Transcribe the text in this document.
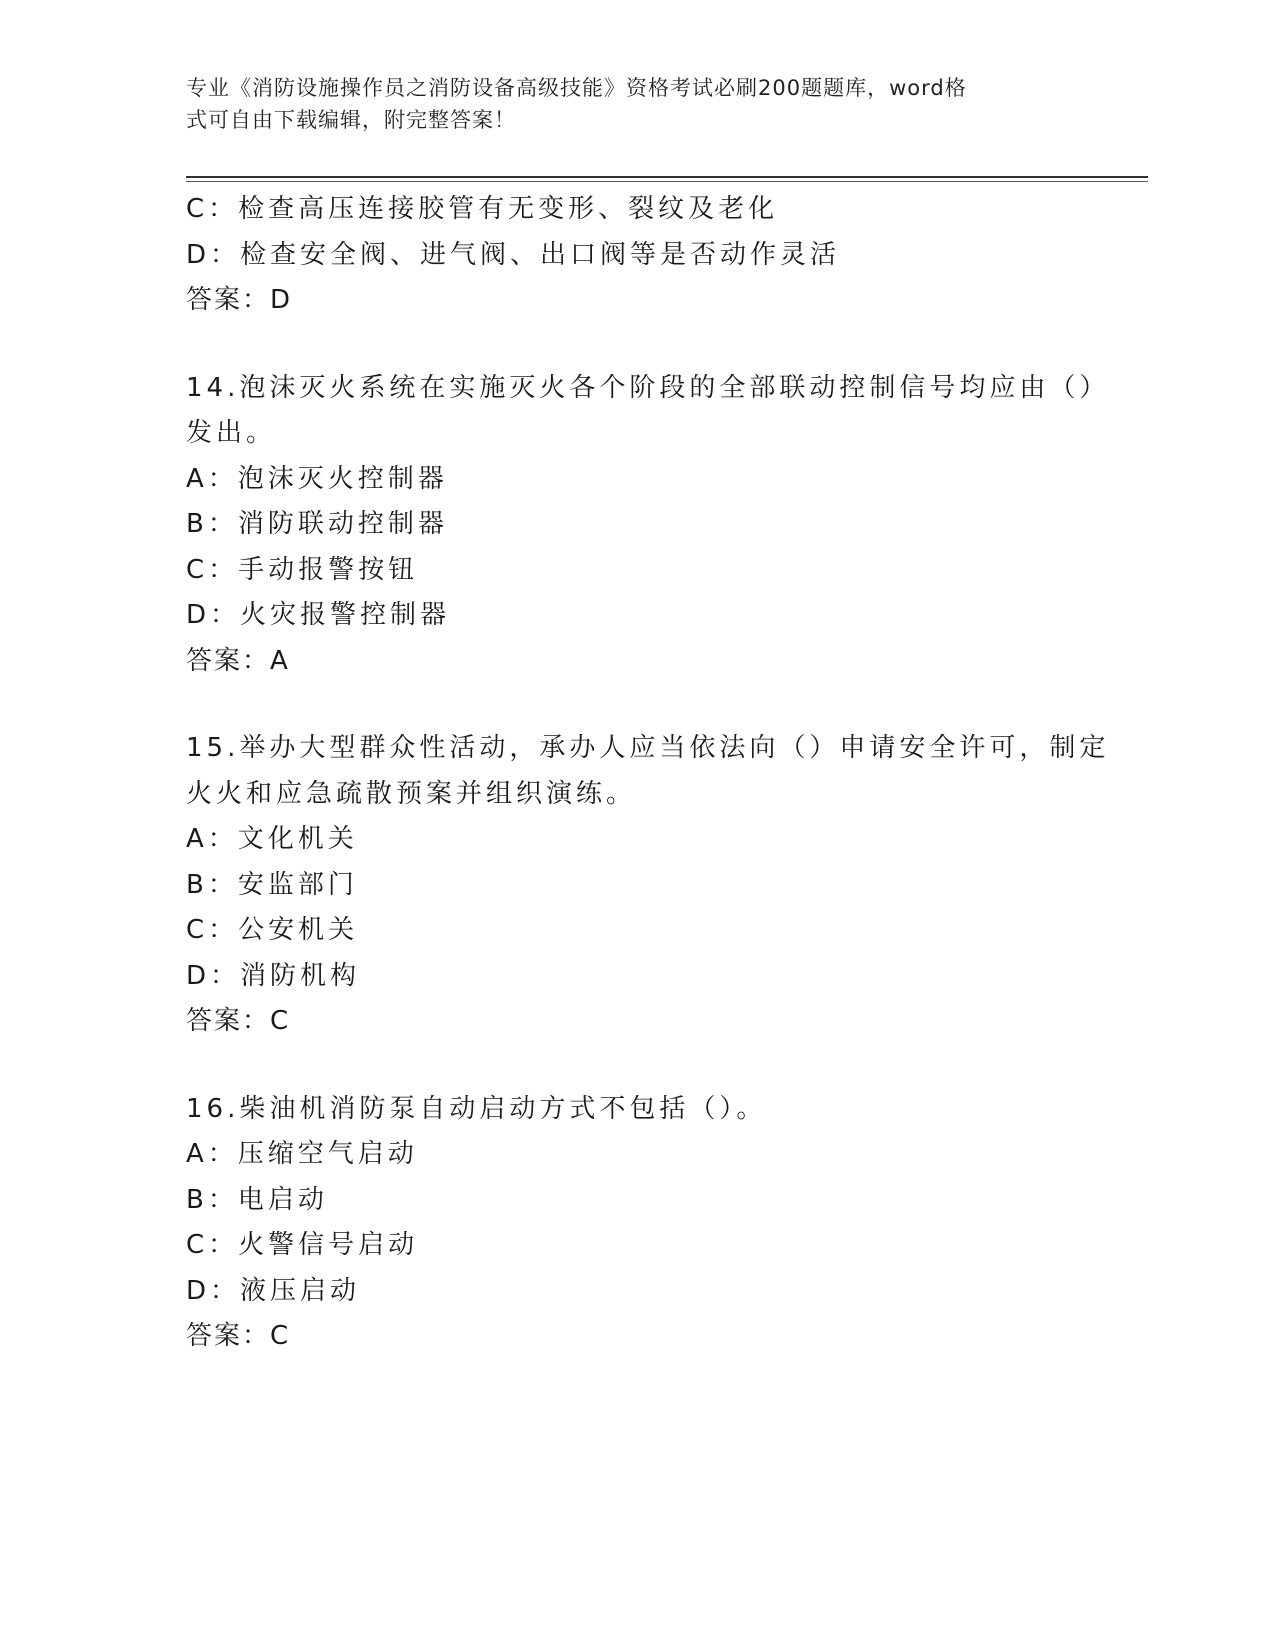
专业《消防设施操作员之消防设备高级技能》资格考试必刷200题题库，word格
式可自由下载编辑，附完整答案！
C：检查高压连接胶管有无变形、裂纹及老化
D：检查安全阀、进气阀、出口阀等是否动作灵活
答案：D
14.泡沫灭火系统在实施灭火各个阶段的全部联动控制信号均应由（）
发出。
A：泡沫灭火控制器
B：消防联动控制器
C：手动报警按钮
D：火灾报警控制器
答案：A
15.举办大型群众性活动，承办人应当依法向（）申请安全许可，制定
火火和应急疏散预案并组织演练。
A：文化机关
B：安监部门
C：公安机关
D：消防机构
答案：C
16.柴油机消防泵自动启动方式不包括（）。
A：压缩空气启动
B：电启动
C：火警信号启动
D：液压启动
答案：C
